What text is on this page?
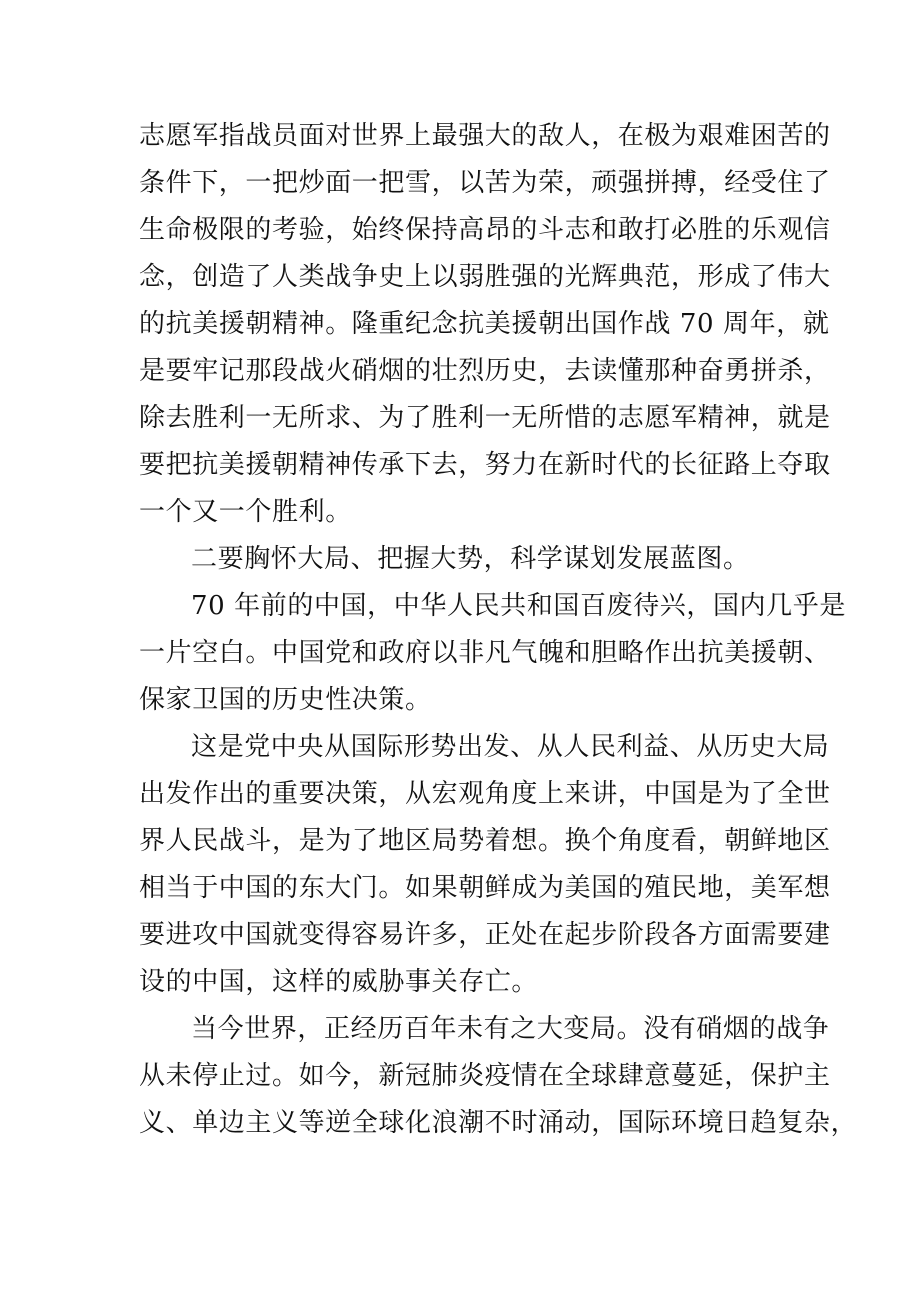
志愿军指战员面对世界上最强大的敌人，在极为艰难困苦的
条件下，一把炒面一把雪，以苦为荣，顽强拼搏，经受住了
生命极限的考验，始终保持高昂的斗志和敢打必胜的乐观信
念，创造了人类战争史上以弱胜强的光辉典范，形成了伟大
的抗美援朝精神。隆重纪念抗美援朝出国作战 70 周年，就
是要牢记那段战火硝烟的壮烈历史，去读懂那种奋勇拼杀，
除去胜利一无所求、为了胜利一无所惜的志愿军精神，就是
要把抗美援朝精神传承下去，努力在新时代的长征路上夺取
一个又一个胜利。
二要胸怀大局、把握大势，科学谋划发展蓝图。
70 年前的中国，中华人民共和国百废待兴，国内几乎是
一片空白。中国党和政府以非凡气魄和胆略作出抗美援朝、
保家卫国的历史性决策。
这是党中央从国际形势出发、从人民利益、从历史大局
出发作出的重要决策，从宏观角度上来讲，中国是为了全世
界人民战斗，是为了地区局势着想。换个角度看，朝鲜地区
相当于中国的东大门。如果朝鲜成为美国的殖民地，美军想
要进攻中国就变得容易许多，正处在起步阶段各方面需要建
设的中国，这样的威胁事关存亡。
当今世界，正经历百年未有之大变局。没有硝烟的战争
从未停止过。如今，新冠肺炎疫情在全球肆意蔓延，保护主
义、单边主义等逆全球化浪潮不时涌动，国际环境日趋复杂，
